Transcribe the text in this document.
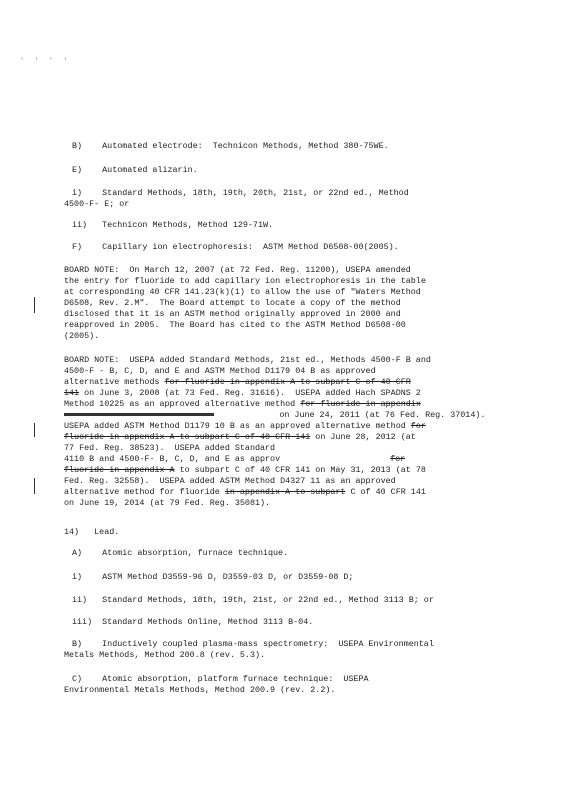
' ' ' '
B)    Automated electrode:  Technicon Methods, Method 380-75WE.
E)    Automated alizarin.
i)    Standard Methods, 18th, 19th, 20th, 21st, or 22nd ed., Method
4500-F- E; or
ii)   Technicon Methods, Method 129-71W.
F)    Capillary ion electrophoresis:  ASTM Method D6508-00(2005).
BOARD NOTE:  On March 12, 2007 (at 72 Fed. Reg. 11200), USEPA amended
the entry for fluoride to add capillary ion electrophoresis in the table
at corresponding 40 CFR 141.23(k)(1) to allow the use of "Waters Method
D6508, Rev. 2.M".  The Board attempt to locate a copy of the method
disclosed that it is an ASTM method originally approved in 2000 and
reapproved in 2005.  The Board has cited to the ASTM Method D6508-00
(2005).
BOARD NOTE:  USEPA added Standard Methods, 21st ed., Methods 4500-F B and
4500-F - B, C, D, and E and ASTM Method D1179 04 B as approved
alternative methods for fluoride in appendix A to subpart C of 40 CFR
141 on June 3, 2008 (at 73 Fed. Reg. 31616).  USEPA added Hach SPADNS 2
Method 10225 as an approved alternative method for fluoride in appendix
on June 24, 2011 (at 76 Fed. Reg. 37014).
USEPA added ASTM Method D1179 10 B as an approved alternative method for
fluoride in appendix A to subpart C of 40 CFR 141 on June 28, 2012 (at
77 Fed. Reg. 38523).  USEPA added Standard
4110 B and 4500-F- B, C, D, and E as approv	for
fluoride in appendix A to subpart C of 40 CFR 141 on May 31, 2013 (at 78
Fed. Reg. 32558).  USEPA added ASTM Method D4327 11 as an approved
alternative method for fluoride in appendix A to subpart C of 40 CFR 141
on June 19, 2014 (at 79 Fed. Reg. 35081).
14)   Lead.
A)    Atomic absorption, furnace technique.
i)    ASTM Method D3559-96 D, D3559-03 D, or D3559-08 D;
ii)   Standard Methods, 18th, 19th, 21st, or 22nd ed., Method 3113 B; or
iii)  Standard Methods Online, Method 3113 B-04.
B)    Inductively coupled plasma-mass spectrometry:  USEPA Environmental
Metals Methods, Method 200.8 (rev. 5.3).
C)    Atomic absorption, platform furnace technique:  USEPA
Environmental Metals Methods, Method 200.9 (rev. 2.2).
